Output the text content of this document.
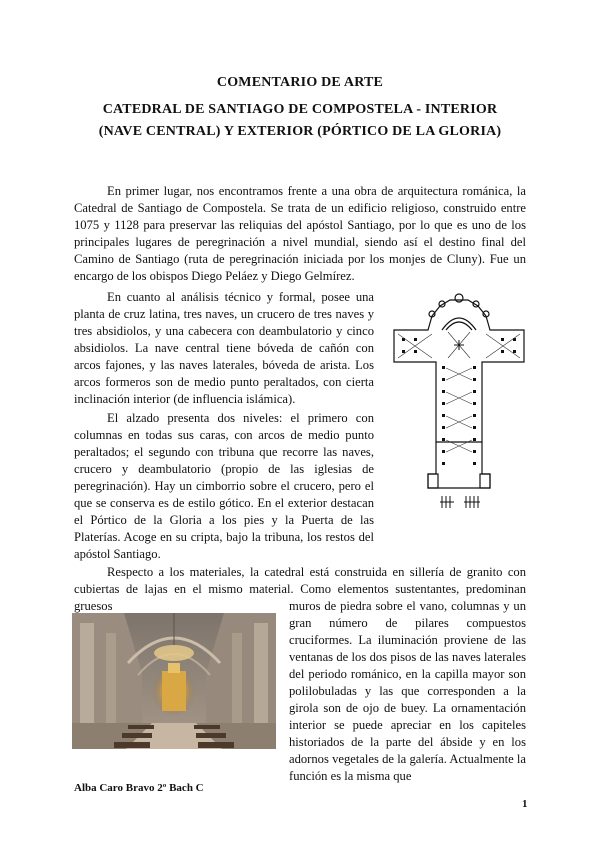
COMENTARIO DE ARTE
CATEDRAL DE SANTIAGO DE COMPOSTELA - INTERIOR
(NAVE CENTRAL) Y EXTERIOR (PÓRTICO DE LA GLORIA)

En primer lugar, nos encontramos frente a una obra de arquitectura románica, la Catedral de Santiago de Compostela. Se trata de un edificio religioso, construido entre 1075 y 1128 para preservar las reliquias del apóstol Santiago, por lo que es uno de los principales lugares de peregrinación a nivel mundial, siendo así el destino final del Camino de Santiago (ruta de peregrinación iniciada por los monjes de Cluny). Fue un encargo de los obispos Diego Peláez y Diego Gelmírez.

En cuanto al análisis técnico y formal, posee una planta de cruz latina, tres naves, un crucero de tres naves y tres absidiolos, y una cabecera con deambulatorio y cinco absidiolos. La nave central tiene bóveda de cañón con arcos fajones, y las naves laterales, bóveda de arista. Los arcos formeros son de medio punto peraltados, con cierta inclinación interior (de influencia islámica).

El alzado presenta dos niveles: el primero con columnas en todas sus caras, con arcos de medio punto peraltados; el segundo con tribuna que recorre las naves, crucero y deambulatorio (propio de las iglesias de peregrinación). Hay un cimborrio sobre el crucero, pero el que se conserva es de estilo gótico. En el exterior destacan el Pórtico de la Gloria a los pies y la Puerta de las Platerías. Acoge en su cripta, bajo la tribuna, los restos del apóstol Santiago.

Respecto a los materiales, la catedral está construida en sillería de granito con cubiertas de lajas en el mismo material. Como elementos sustentantes, predominan gruesos	muros de piedra sobre el vano, columnas y un gran número de pilares compuestos cruciformes. La iluminación proviene de las ventanas de los dos pisos de las naves laterales del periodo románico, en la capilla mayor son polilobuladas y las que corresponden a la girola son de ojo de buey. La ornamentación interior se puede apreciar en los capiteles historiados de la parte del ábside y en los adornos vegetales de la galería. Actualmente la función es la misma que

Alba Caro Bravo 2º Bach C
1
